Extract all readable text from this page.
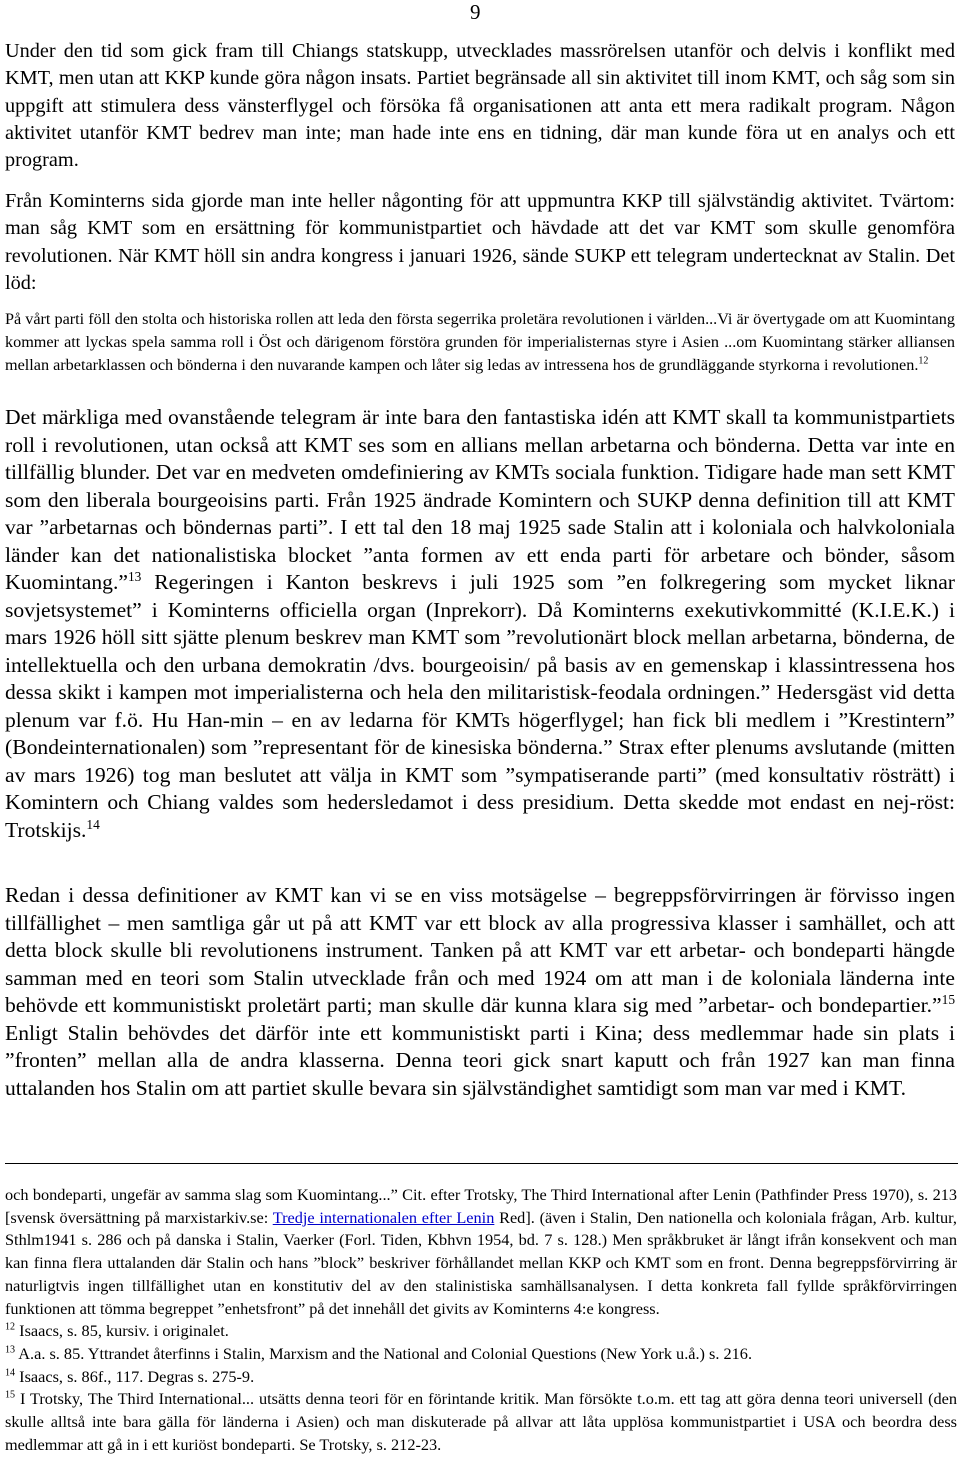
9

Under den tid som gick fram till Chiangs statskupp, utvecklades massrörelsen utanför och delvis i konflikt med KMT, men utan att KKP kunde göra någon insats. Partiet begränsade all sin aktivitet till inom KMT, och såg som sin uppgift att stimulera dess vänsterflygel och försöka få organisationen att anta ett mera radikalt program. Någon aktivitet utanför KMT bedrev man inte; man hade inte ens en tidning, där man kunde föra ut en analys och ett program.

Från Kominterns sida gjorde man inte heller någonting för att uppmuntra KKP till självständig aktivitet. Tvärtom: man såg KMT som en ersättning för kommunistpartiet och hävdade att det var KMT som skulle genomföra revolutionen. När KMT höll sin andra kongress i januari 1926, sände SUKP ett telegram undertecknat av Stalin. Det löd:

På vårt parti föll den stolta och historiska rollen att leda den första segerrika proletära revolutionen i världen...Vi är övertygade om att Kuomintang kommer att lyckas spela samma roll i Öst och därigenom förstöra grunden för imperialisternas styre i Asien ...om Kuomintang stärker alliansen mellan arbetarklassen och bönderna i den nuvarande kampen och låter sig ledas av intressena hos de grundläggande styrkorna i revolutionen.$^{12}$

Det märkliga med ovanstående telegram är inte bara den fantastiska idén att KMT skall ta kommunistpartiets roll i revolutionen, utan också att KMT ses som en allians mellan arbetarna och bönderna. Detta var inte en tillfällig blunder. Det var en medveten omdefiniering av KMTs sociala funktion. Tidigare hade man sett KMT som den liberala bourgeoisins parti. Från 1925 ändrade Komintern och SUKP denna definition till att KMT var ”arbetarnas och böndernas parti”. I ett tal den 18 maj 1925 sade Stalin att i koloniala och halvkoloniala länder kan det nationalistiska blocket ”anta formen av ett enda parti för arbetare och bönder, såsom Kuomintang.”$^{13}$ Regeringen i Kanton beskrevs i juli 1925 som ”en folkregering som mycket liknar sovjetsystemet” i Kominterns officiella organ (Inprekorr). Då Kominterns exekutivkommitté (K.I.E.K.) i mars 1926 höll sitt sjätte plenum beskrev man KMT som ”revolutionärt block mellan arbetarna, bönderna, de intellektuella och den urbana demokratin /dvs. bourgeoisin/ på basis av en gemenskap i klassintressena hos dessa skikt i kampen mot imperialisterna och hela den militaristisk-feodala ordningen.” Hedersgäst vid detta plenum var f.ö. Hu Han-min – en av ledarna för KMTs högerflygel; han fick bli medlem i ”Krestintern” (Bondeinternationalen) som ”representant för de kinesiska bönderna.” Strax efter plenums avslutande (mitten av mars 1926) tog man beslutet att välja in KMT som ”sympatiserande parti” (med konsultativ rösträtt) i Komintern och Chiang valdes som hedersledamot i dess presidium. Detta skedde mot endast en nej-röst: Trotskijs.$^{14}$

Redan i dessa definitioner av KMT kan vi se en viss motsägelse – begreppsförvirringen är förvisso ingen tillfällighet – men samtliga går ut på att KMT var ett block av alla progressiva klasser i samhället, och att detta block skulle bli revolutionens instrument. Tanken på att KMT var ett arbetar- och bondeparti hängde samman med en teori som Stalin utvecklade från och med 1924 om att man i de koloniala länderna inte behövde ett kommunistiskt proletärt parti; man skulle där kunna klara sig med ”arbetar- och bondepartier.”$^{15}$ Enligt Stalin behövdes det därför inte ett kommunistiskt parti i Kina; dess medlemmar hade sin plats i ”fronten” mellan alla de andra klasserna. Denna teori gick snart kaputt och från 1927 kan man finna uttalanden hos Stalin om att partiet skulle bevara sin självständighet samtidigt som man var med i KMT.

och bondeparti, ungefär av samma slag som Kuomintang...” Cit. efter Trotsky, The Third International after Lenin (Pathfinder Press 1970), s. 213 [svensk översättning på marxistarkiv.se: Tredje internationalen efter Lenin Red]. (även i Stalin, Den nationella och koloniala frågan, Arb. kultur, Sthlm1941 s. 286 och på danska i Stalin, Vaerker (Forl. Tiden, Kbhvn 1954, bd. 7 s. 128.) Men språkbruket är långt ifrån konsekvent och man kan finna flera uttalanden där Stalin och hans ”block” beskriver förhållandet mellan KKP och KMT som en front. Denna begreppsförvirring är naturligtvis ingen tillfällighet utan en konstitutiv del av den stalinistiska samhällsanalysen. I detta konkreta fall fyllde språkförvirringen funktionen att tömma begreppet ”enhetsfront” på det innehåll det givits av Kominterns 4:e kongress.

$^{12}$ Isaacs, s. 85, kursiv. i originalet.

$^{13}$ A.a. s. 85. Yttrandet återfinns i Stalin, Marxism and the National and Colonial Questions (New York u.å.) s. 216.

$^{14}$ Isaacs, s. 86f., 117. Degras s. 275-9.

$^{15}$ I Trotsky, The Third International... utsätts denna teori för en förintande kritik. Man försökte t.o.m. ett tag att göra denna teori universell (den skulle alltså inte bara gälla för länderna i Asien) och man diskuterade på allvar att låta upplösa kommunistpartiet i USA och beordra dess medlemmar att gå in i ett kuriöst bondeparti. Se Trotsky, s. 212-23.
